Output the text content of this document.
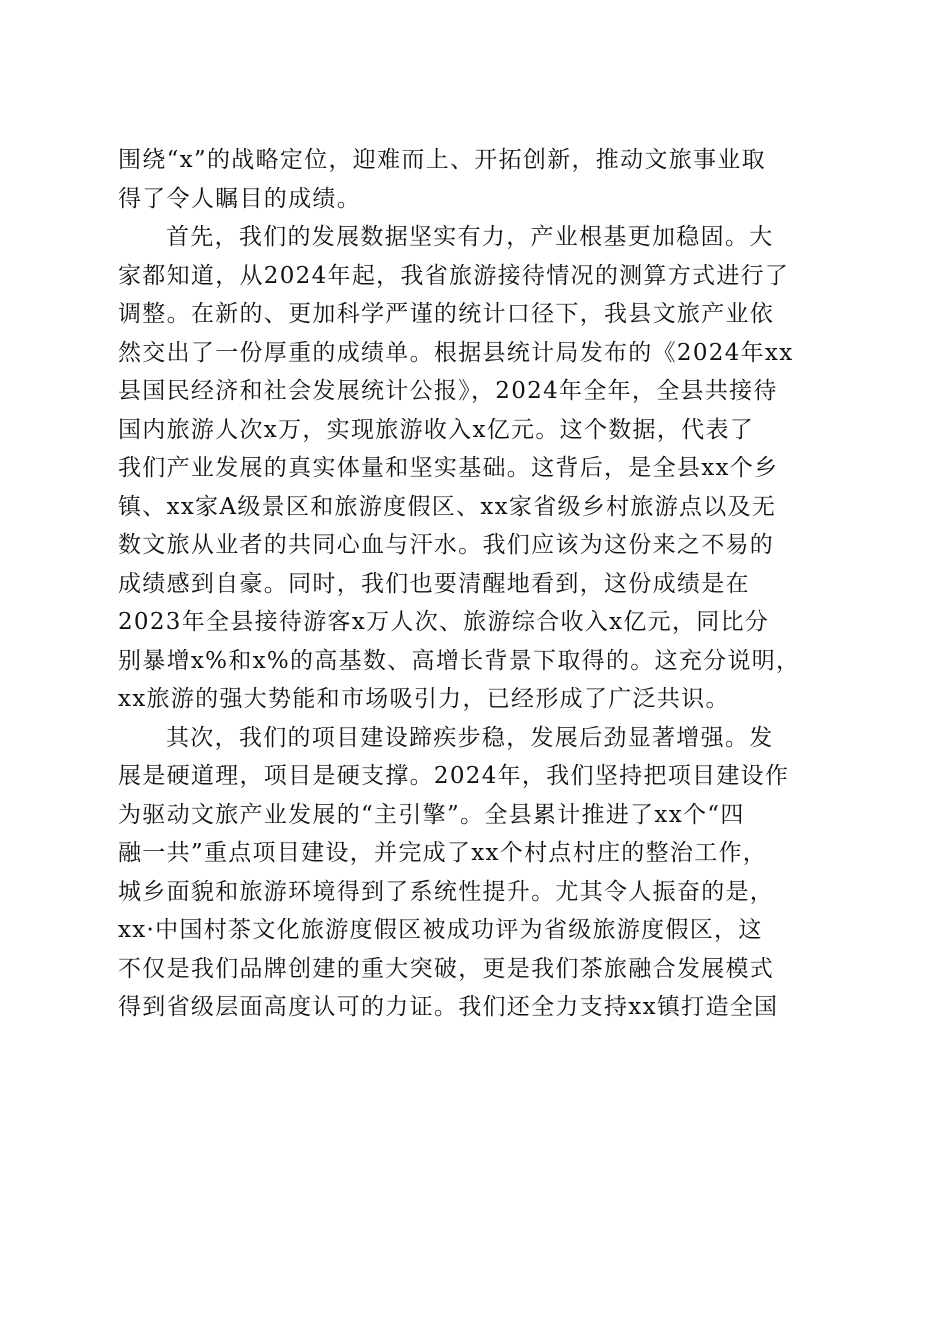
围绕“x”的战略定位，迎难而上、开拓创新，推动文旅事业取
得了令人瞩目的成绩。

首先，我们的发展数据坚实有力，产业根基更加稳固。大
家都知道，从2024年起，我省旅游接待情况的测算方式进行了
调整。在新的、更加科学严谨的统计口径下，我县文旅产业依
然交出了一份厚重的成绩单。根据县统计局发布的《2024年xx
县国民经济和社会发展统计公报》，2024年全年，全县共接待
国内旅游人次x万，实现旅游收入x亿元。这个数据，代表了
我们产业发展的真实体量和坚实基础。这背后，是全县xx个乡
镇、xx家A级景区和旅游度假区、xx家省级乡村旅游点以及无
数文旅从业者的共同心血与汗水。我们应该为这份来之不易的
成绩感到自豪。同时，我们也要清醒地看到，这份成绩是在
2023年全县接待游客x万人次、旅游综合收入x亿元，同比分
别暴增x%和x%的高基数、高增长背景下取得的。这充分说明，
xx旅游的强大势能和市场吸引力，已经形成了广泛共识。

其次，我们的项目建设蹄疾步稳，发展后劲显著增强。发
展是硬道理，项目是硬支撑。2024年，我们坚持把项目建设作
为驱动文旅产业发展的“主引擎”。全县累计推进了xx个“四
融一共”重点项目建设，并完成了xx个村点村庄的整治工作，
城乡面貌和旅游环境得到了系统性提升。尤其令人振奋的是，
xx·中国村茶文化旅游度假区被成功评为省级旅游度假区，这
不仅是我们品牌创建的重大突破，更是我们茶旅融合发展模式
得到省级层面高度认可的力证。我们还全力支持xx镇打造全国
